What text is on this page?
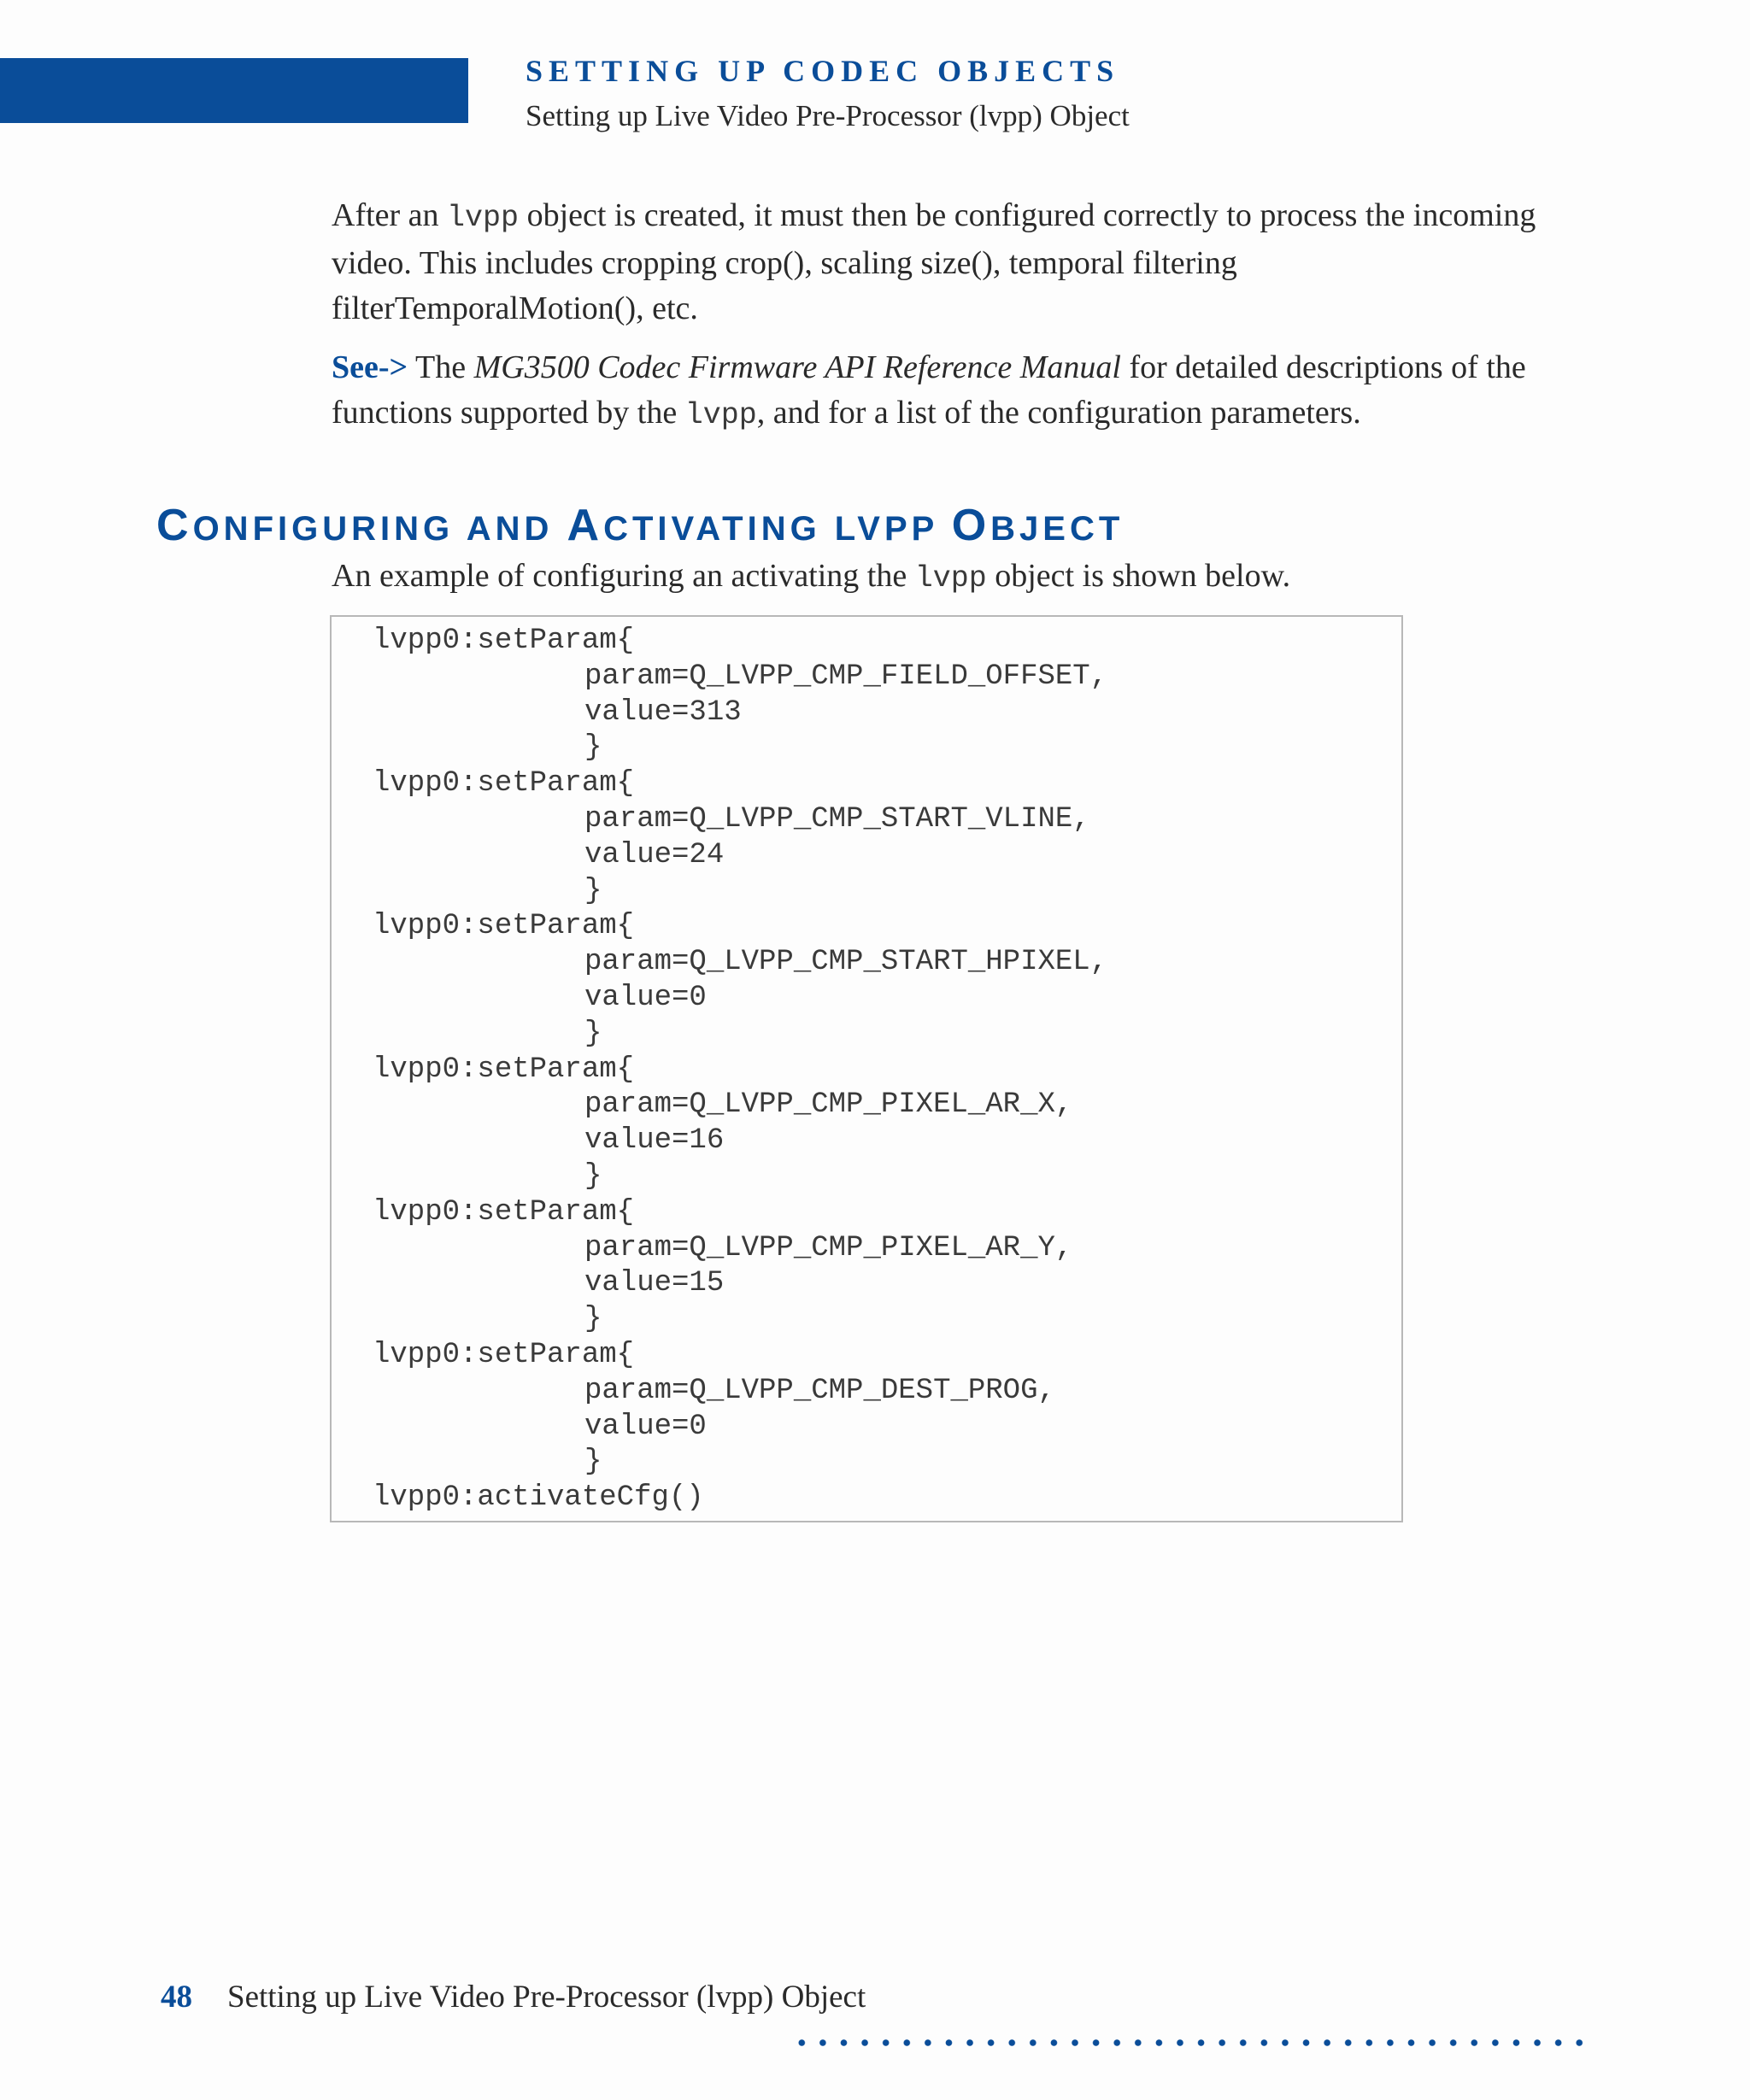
SETTING UP CODEC OBJECTS
Setting up Live Video Pre-Processor (lvpp) Object
After an lvpp object is created, it must then be configured correctly to process the incoming video. This includes cropping crop(), scaling size(), temporal filtering filterTemporalMotion(), etc.
See-> The MG3500 Codec Firmware API Reference Manual for detailed descriptions of the functions supported by the lvpp, and for a list of the configuration parameters.
CONFIGURING AND ACTIVATING LVPP OBJECT
An example of configuring an activating the lvpp object is shown below.
lvpp0:setParam{
param=Q_LVPP_CMP_FIELD_OFFSET,
value=313
}
lvpp0:setParam{
param=Q_LVPP_CMP_START_VLINE,
value=24
}
lvpp0:setParam{
param=Q_LVPP_CMP_START_HPIXEL,
value=0
}
lvpp0:setParam{
param=Q_LVPP_CMP_PIXEL_AR_X,
value=16
}
lvpp0:setParam{
param=Q_LVPP_CMP_PIXEL_AR_Y,
value=15
}
lvpp0:setParam{
param=Q_LVPP_CMP_DEST_PROG,
value=0
}
lvpp0:activateCfg()
48 Setting up Live Video Pre-Processor (lvpp) Object
